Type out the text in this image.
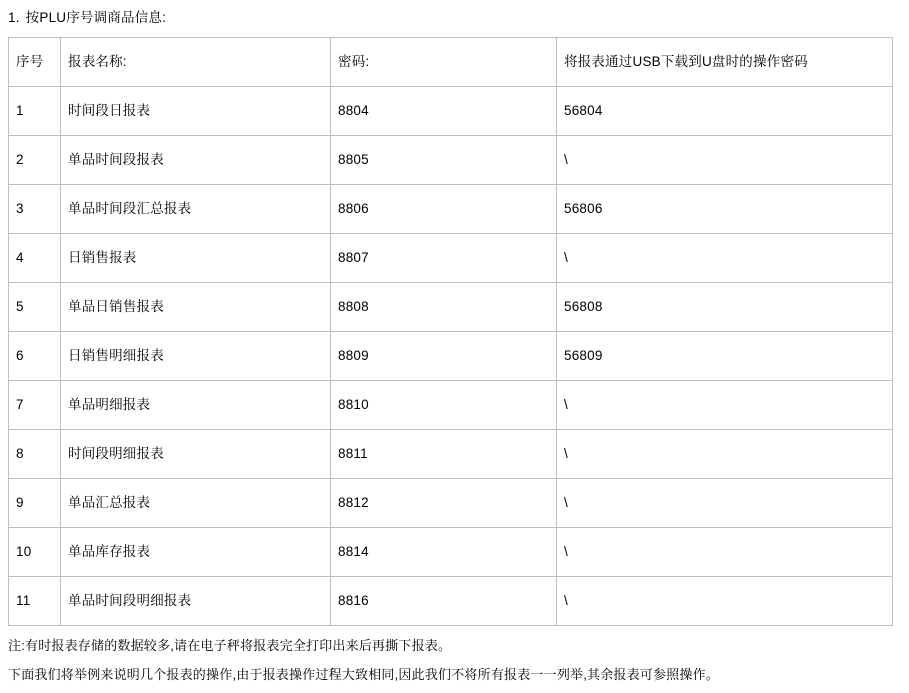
1. 按PLU序号调商品信息:
序号	报表名称:	密码:	将报表通过USB下载到U盘时的操作密码
1	时间段日报表	8804	56804
2	单品时间段报表	8805	\
3	单品时间段汇总报表	8806	56806
4	日销售报表	8807	\
5	单品日销售报表	8808	56808
6	日销售明细报表	8809	56809
7	单品明细报表	8810	\
8	时间段明细报表	8811	\
9	单品汇总报表	8812	\
10	单品库存报表	8814	\
11	单品时间段明细报表	8816	\
注:有时报表存储的数据较多,请在电子秤将报表完全打印出来后再撕下报表。
下面我们将举例来说明几个报表的操作,由于报表操作过程大致相同,因此我们不将所有报表一一列举,其余报表可参照操作。
